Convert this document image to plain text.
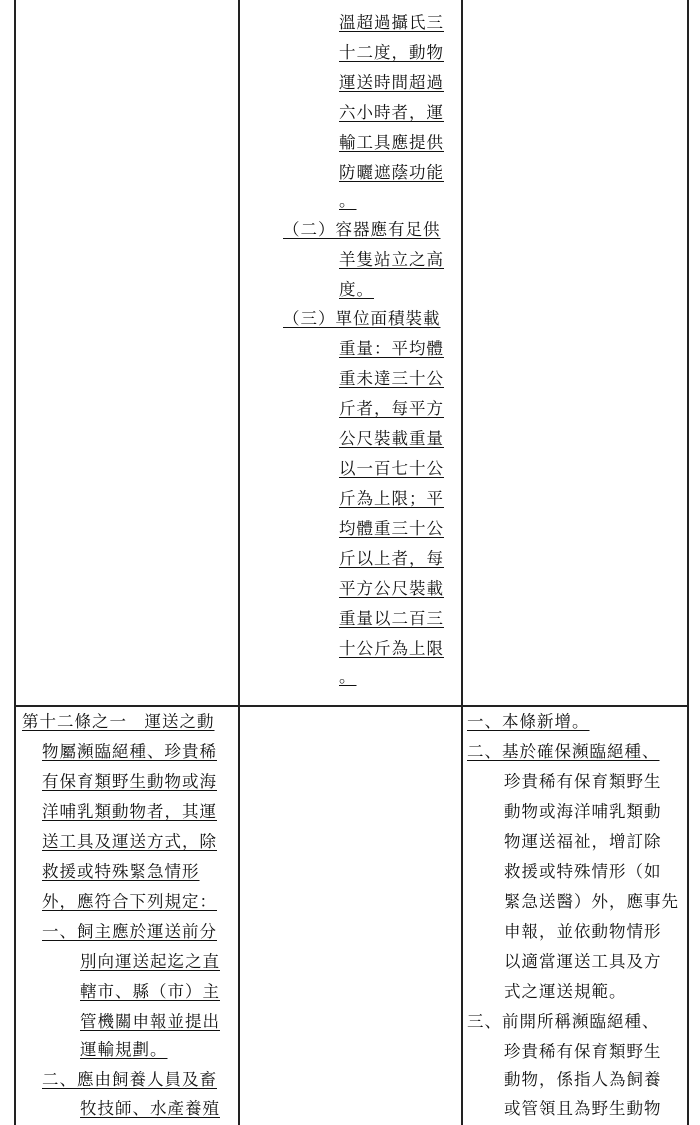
溫超過攝氏三
十二度，動物
運送時間超過
六小時者，運
輸工具應提供
防曬遮蔭功能
。
（二）容器應有足供
羊隻站立之高
度。
（三）單位面積裝載
重量：平均體
重未達三十公
斤者，每平方
公尺裝載重量
以一百七十公
斤為上限；平
均體重三十公
斤以上者，每
平方公尺裝載
重量以二百三
十公斤為上限
。
第十二條之一　運送之動
物屬瀕臨絕種、珍貴稀
有保育類野生動物或海
洋哺乳類動物者，其運
送工具及運送方式，除
救援或特殊緊急情形
外，應符合下列規定：
一、飼主應於運送前分
別向運送起迄之直
轄市、縣（市）主
管機關申報並提出
運輸規劃。
二、應由飼養人員及畜
牧技師、水產養殖
一、本條新增。
二、基於確保瀕臨絕種、
珍貴稀有保育類野生
動物或海洋哺乳類動
物運送福祉，增訂除
救援或特殊情形（如
緊急送醫）外，應事先
申報，並依動物情形
以適當運送工具及方
式之運送規範。
三、前開所稱瀕臨絕種、
珍貴稀有保育類野生
動物，係指人為飼養
或管領且為野生動物
